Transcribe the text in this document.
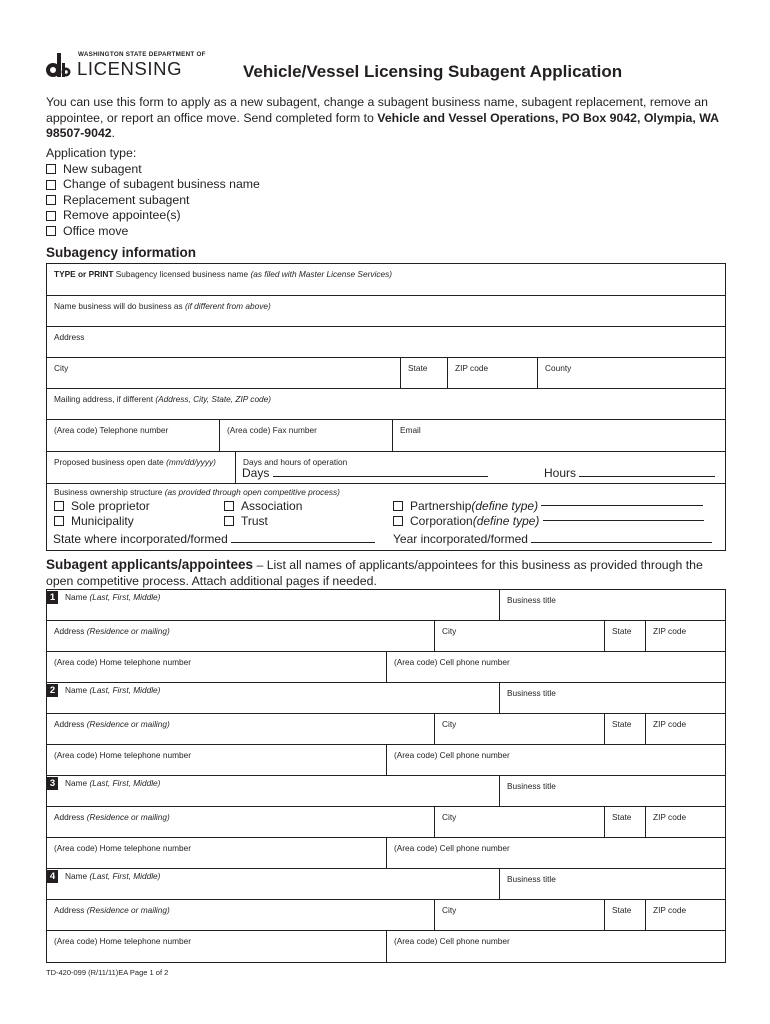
WASHINGTON STATE DEPARTMENT OF
LICENSING	Vehicle/Vessel Licensing Subagent Application
You can use this form to apply as a new subagent, change a subagent business name, subagent replacement, remove an appointee, or report an office move. Send completed form to Vehicle and Vessel Operations, PO Box 9042, Olympia, WA 98507-9042.
Application type:
New subagent
Change of subagent business name
Replacement subagent
Remove appointee(s)
Office move
Subagency information
TYPE or PRINT Subagency licensed business name (as filed with Master License Services)
Name business will do business as (if different from above)
Address
City	State	ZIP code	County
Mailing address, if different (Address, City, State, ZIP code)
(Area code) Telephone number	(Area code) Fax number	Email
Proposed business open date (mm/dd/yyyy)	Days and hours of operation
Days	Hours
Business ownership structure (as provided through open competitive process)
Sole proprietor	Association	Partnership (define type)

Municipality	Trust	Corporation (define type)

State where incorporated/formed	Year incorporated/formed
Subagent applicants/appointees – List all names of applicants/appointees for this business as provided through the open competitive process. Attach additional pages if needed.
1 Name (Last, First, Middle)	Business title
Address (Residence or mailing)	City	State	ZIP code
(Area code) Home telephone number	(Area code) Cell phone number
2 Name (Last, First, Middle)	Business title
Address (Residence or mailing)	City	State	ZIP code
(Area code) Home telephone number	(Area code) Cell phone number
3 Name (Last, First, Middle)	Business title
Address (Residence or mailing)	City	State	ZIP code
(Area code) Home telephone number	(Area code) Cell phone number
4 Name (Last, First, Middle)	Business title
Address (Residence or mailing)	City	State	ZIP code
(Area code) Home telephone number	(Area code) Cell phone number
TD-420-099 (R/11/11)EA Page 1 of 2
